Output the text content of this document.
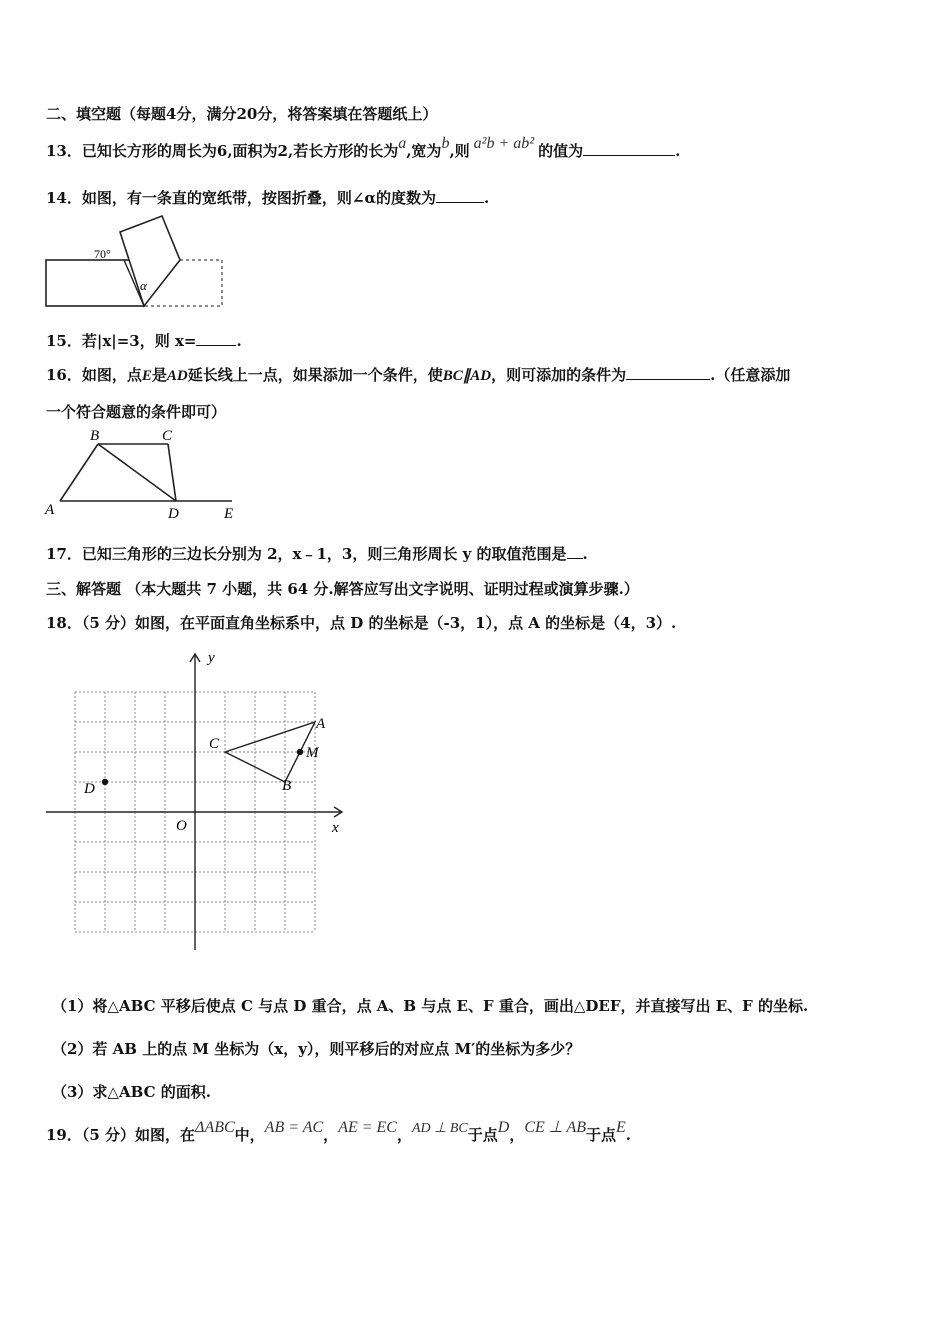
二、填空题（每题4分，满分20分，将答案填在答题纸上）
13．已知长方形的周长为6,面积为2,若长方形的长为a,宽为b,则 a²b + ab² 的值为	.
14．如图，有一条直的宽纸带，按图折叠，则∠α的度数为	.
70°
α
15．若|x|=3，则 x=	.
16．如图，点E是AD延长线上一点，如果添加一个条件，使BC∥AD，则可添加的条件为	.（任意添加
一个符合题意的条件即可）
A
B	C
D	E
17．已知三角形的三边长分别为 2，x﹣1，3，则三角形周长 y 的取值范围是 .
三、解答题 （本大题共 7 小题，共 64 分.解答应写出文字说明、证明过程或演算步骤.）
18．（5 分）如图，在平面直角坐标系中，点 D 的坐标是（-3，1），点 A 的坐标是（4，3）.
y
x
O
A
B
C
D
M
（1）将△ABC 平移后使点 C 与点 D 重合，点 A、B 与点 E、F 重合，画出△DEF，并直接写出 E、F 的坐标.
（2）若 AB 上的点 M 坐标为（x，y），则平移后的对应点 M′的坐标为多少？
（3）求△ABC 的面积.
19．（5 分）如图，在ΔABC中，AB = AC，AE = EC，AD ⊥ BC于点D，CE ⊥ AB于点E.
